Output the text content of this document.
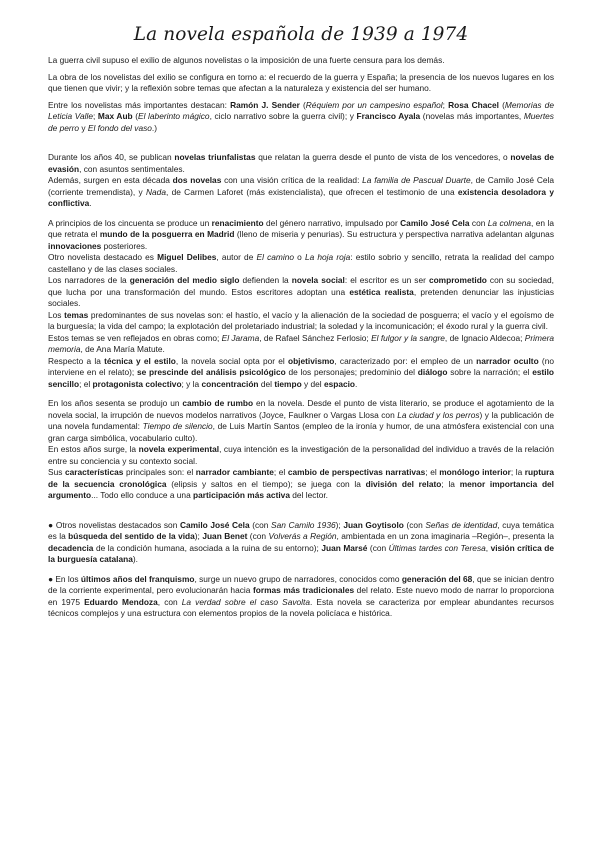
La novela española de 1939 a 1974

La guerra civil supuso el exilio de algunos novelistas o la imposición de una fuerte censura para los demás.

La obra de los novelistas del exilio se configura en torno a: el recuerdo de la guerra y España; la presencia de los nuevos lugares en los que tienen que vivir; y la reflexión sobre temas que afectan a la naturaleza y existencia del ser humano.

Entre los novelistas más importantes destacan: Ramón J. Sender (Réquiem por un campesino español; Rosa Chacel (Memorias de Leticia Valle; Max Aub (El laberinto mágico, ciclo narrativo sobre la guerra civil); y Francisco Ayala (novelas más importantes, Muertes de perro y El fondo del vaso.)

Durante los años 40, se publican novelas triunfalistas que relatan la guerra desde el punto de vista de los vencedores, o novelas de evasión, con asuntos sentimentales.

Además, surgen en esta década dos novelas con una visión crítica de la realidad: La familia de Pascual Duarte, de Camilo José Cela (corriente tremendista), y Nada, de Carmen Laforet (más existencialista), que ofrecen el testimonio de una existencia desoladora y conflictiva.

A principios de los cincuenta se produce un renacimiento del género narrativo, impulsado por Camilo José Cela con La colmena, en la que retrata el mundo de la posguerra en Madrid (lleno de miseria y penurias). Su estructura y perspectiva narrativa adelantan algunas innovaciones posteriores.

Otro novelista destacado es Miguel Delibes, autor de El camino o La hoja roja: estilo sobrio y sencillo, retrata la realidad del campo castellano y de las clases sociales.

Los narradores de la generación del medio siglo defienden la novela social: el escritor es un ser comprometido con su sociedad, que lucha por una transformación del mundo. Estos escritores adoptan una estética realista, pretenden denunciar las injusticias sociales.

Los temas predominantes de sus novelas son: el hastío, el vacío y la alienación de la sociedad de posguerra; el vacío y el egoísmo de la burguesía; la vida del campo; la explotación del proletariado industrial; la soledad y la incomunicación; el éxodo rural y la guerra civil.

Estos temas se ven reflejados en obras como; El Jarama, de Rafael Sánchez Ferlosio; El fulgor y la sangre, de Ignacio Aldecoa; Primera memoria, de Ana María Matute.

Respecto a la técnica y el estilo, la novela social opta por el objetivismo, caracterizado por: el empleo de un narrador oculto (no interviene en el relato); se prescinde del análisis psicológico de los personajes; predominio del diálogo sobre la narración; el estilo sencillo; el protagonista colectivo; y la concentración del tiempo y del espacio.

En los años sesenta se produjo un cambio de rumbo en la novela. Desde el punto de vista literario, se produce el agotamiento de la novela social, la irrupción de nuevos modelos narrativos (Joyce, Faulkner o Vargas Llosa con La ciudad y los perros) y la publicación de una novela fundamental: Tiempo de silencio, de Luis Martín Santos (empleo de la ironía y humor, de una atmósfera existencial con una gran carga simbólica, vocabulario culto).

En estos años surge, la novela experimental, cuya intención es la investigación de la personalidad del individuo a través de la relación entre su conciencia y su contexto social.

Sus características principales son: el narrador cambiante; el cambio de perspectivas narrativas; el monólogo interior; la ruptura de la secuencia cronológica (elipsis y saltos en el tiempo); se juega con la división del relato; la menor importancia del argumento... Todo ello conduce a una participación más activa del lector.

● Otros novelistas destacados son Camilo José Cela (con San Camilo 1936); Juan Goytisolo (con Señas de identidad, cuya temática es la búsqueda del sentido de la vida); Juan Benet (con Volverás a Región, ambientada en un zona imaginaria –Región–, presenta la decadencia de la condición humana, asociada a la ruina de su entorno); Juan Marsé (con Últimas tardes con Teresa, visión crítica de la burguesía catalana).

● En los últimos años del franquismo, surge un nuevo grupo de narradores, conocidos como generación del 68, que se inician dentro de la corriente experimental, pero evolucionarán hacia formas más tradicionales del relato. Este nuevo modo de narrar lo proporciona en 1975 Eduardo Mendoza, con La verdad sobre el caso Savolta. Esta novela se caracteriza por emplear abundantes recursos técnicos complejos y una estructura con elementos propios de la novela policíaca e histórica.
